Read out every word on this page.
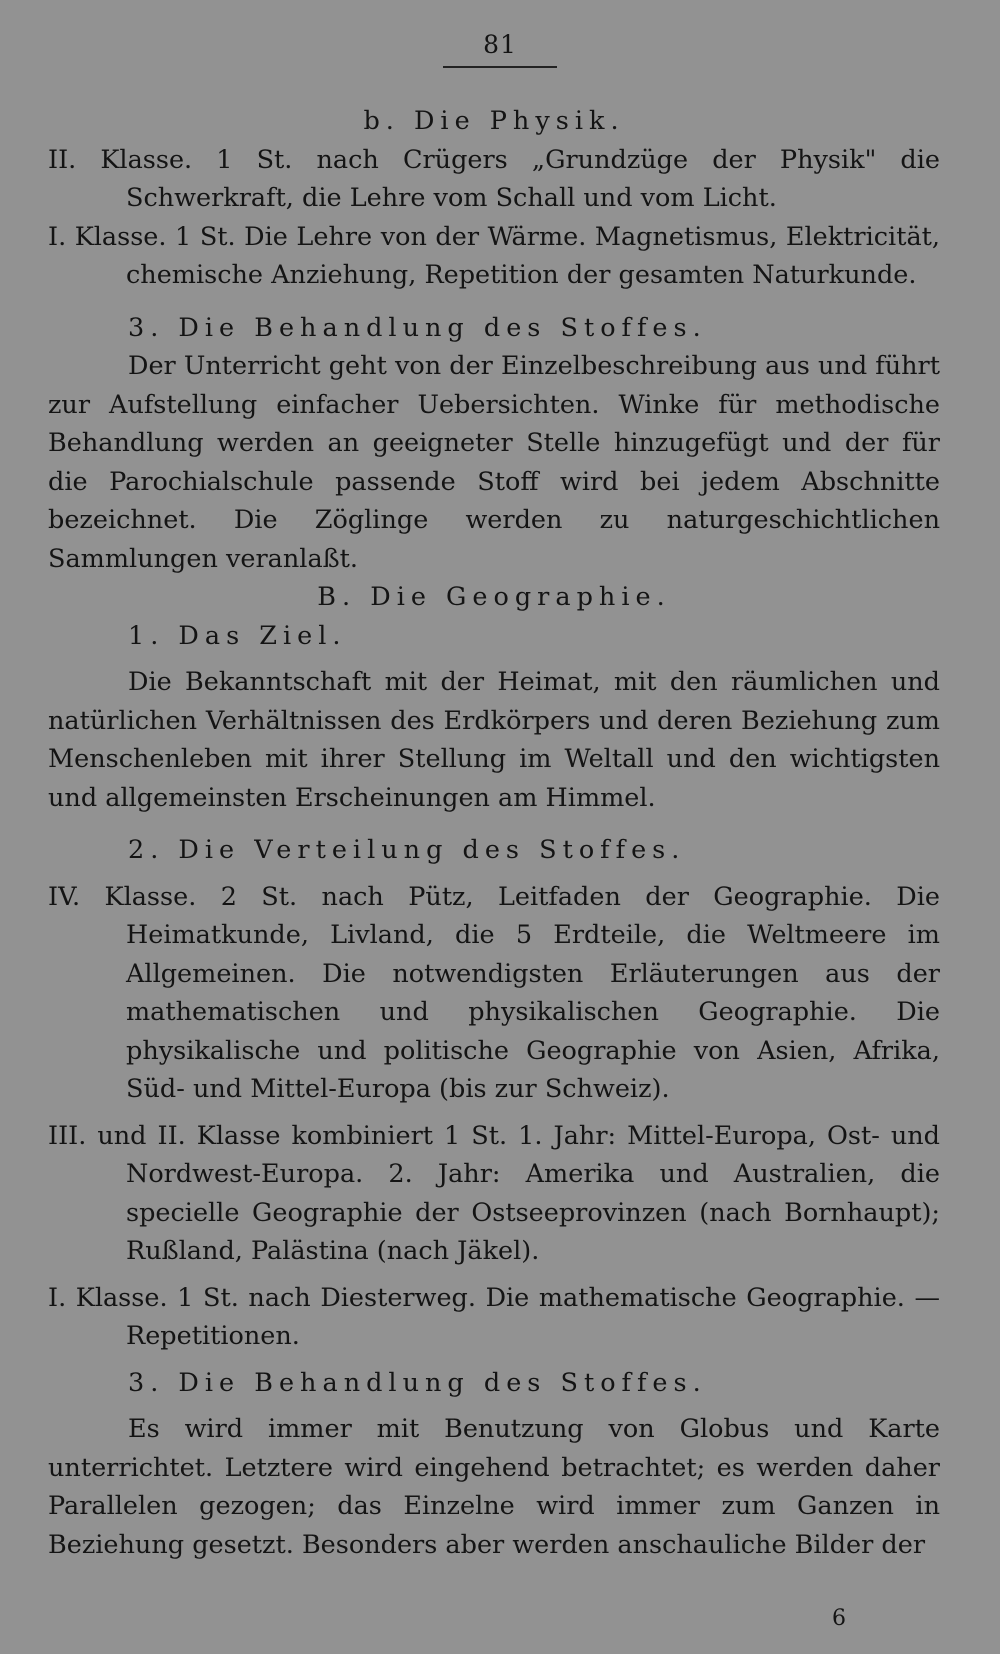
81

b. Die Physik.

II. Klasse. 1 St. nach Crügers „Grundzüge der Physik" die Schwerkraft, die Lehre vom Schall und vom Licht.

I. Klasse. 1 St. Die Lehre von der Wärme. Magnetismus, Elektricität, chemische Anziehung, Repetition der gesamten Naturkunde.

3. Die Behandlung des Stoffes.

Der Unterricht geht von der Einzelbeschreibung aus und führt zur Aufstellung einfacher Uebersichten. Winke für methodische Behandlung werden an geeigneter Stelle hinzugefügt und der für die Parochialschule passende Stoff wird bei jedem Abschnitte bezeichnet. Die Zöglinge werden zu naturgeschichtlichen Sammlungen veranlaßt.

B. Die Geographie.

1. Das Ziel.

Die Bekanntschaft mit der Heimat, mit den räumlichen und natürlichen Verhältnissen des Erdkörpers und deren Beziehung zum Menschenleben mit ihrer Stellung im Weltall und den wichtigsten und allgemeinsten Erscheinungen am Himmel.

2. Die Verteilung des Stoffes.

IV. Klasse. 2 St. nach Pütz, Leitfaden der Geographie. Die Heimatkunde, Livland, die 5 Erdteile, die Weltmeere im Allgemeinen. Die notwendigsten Erläuterungen aus der mathematischen und physikalischen Geographie. Die physikalische und politische Geographie von Asien, Afrika, Süd- und Mittel-Europa (bis zur Schweiz).

III. und II. Klasse kombiniert 1 St. 1. Jahr: Mittel-Europa, Ost- und Nordwest-Europa. 2. Jahr: Amerika und Australien, die specielle Geographie der Ostseeprovinzen (nach Bornhaupt); Rußland, Palästina (nach Jäkel).

I. Klasse. 1 St. nach Diesterweg. Die mathematische Geographie. — Repetitionen.

3. Die Behandlung des Stoffes.

Es wird immer mit Benutzung von Globus und Karte unterrichtet. Letztere wird eingehend betrachtet; es werden daher Parallelen gezogen; das Einzelne wird immer zum Ganzen in Beziehung gesetzt. Besonders aber werden anschauliche Bilder der

6
